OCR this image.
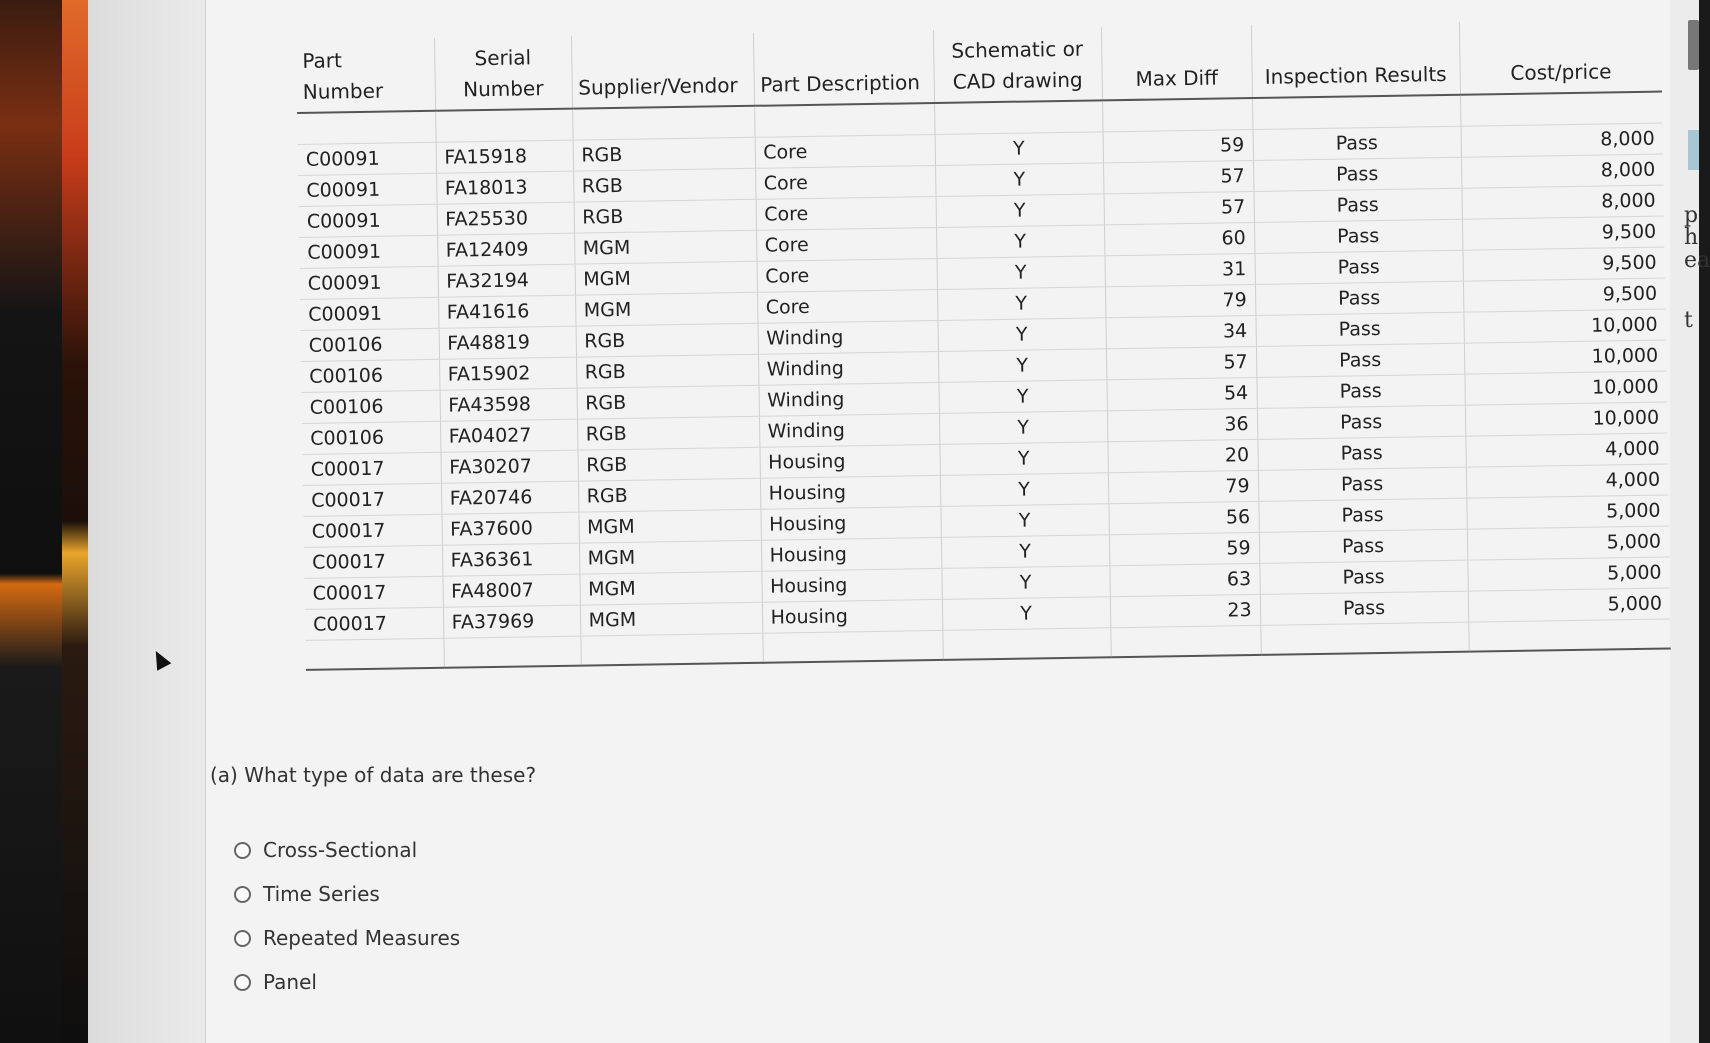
p
h
ea
t
Part Number	Serial Number	Supplier/Vendor	Part Description	Schematic or CAD drawing	Max Diff	Inspection Results	Cost/price

C00091	FA15918	RGB	Core	Y	59	Pass	8,000
C00091	FA18013	RGB	Core	Y	57	Pass	8,000
C00091	FA25530	RGB	Core	Y	57	Pass	8,000
C00091	FA12409	MGM	Core	Y	60	Pass	9,500
C00091	FA32194	MGM	Core	Y	31	Pass	9,500
C00091	FA41616	MGM	Core	Y	79	Pass	9,500
C00106	FA48819	RGB	Winding	Y	34	Pass	10,000
C00106	FA15902	RGB	Winding	Y	57	Pass	10,000
C00106	FA43598	RGB	Winding	Y	54	Pass	10,000
C00106	FA04027	RGB	Winding	Y	36	Pass	10,000
C00017	FA30207	RGB	Housing	Y	20	Pass	4,000
C00017	FA20746	RGB	Housing	Y	79	Pass	4,000
C00017	FA37600	MGM	Housing	Y	56	Pass	5,000
C00017	FA36361	MGM	Housing	Y	59	Pass	5,000
C00017	FA48007	MGM	Housing	Y	63	Pass	5,000
C00017	FA37969	MGM	Housing	Y	23	Pass	5,000

(a) What type of data are these?
Cross-Sectional
Time Series
Repeated Measures
Panel
